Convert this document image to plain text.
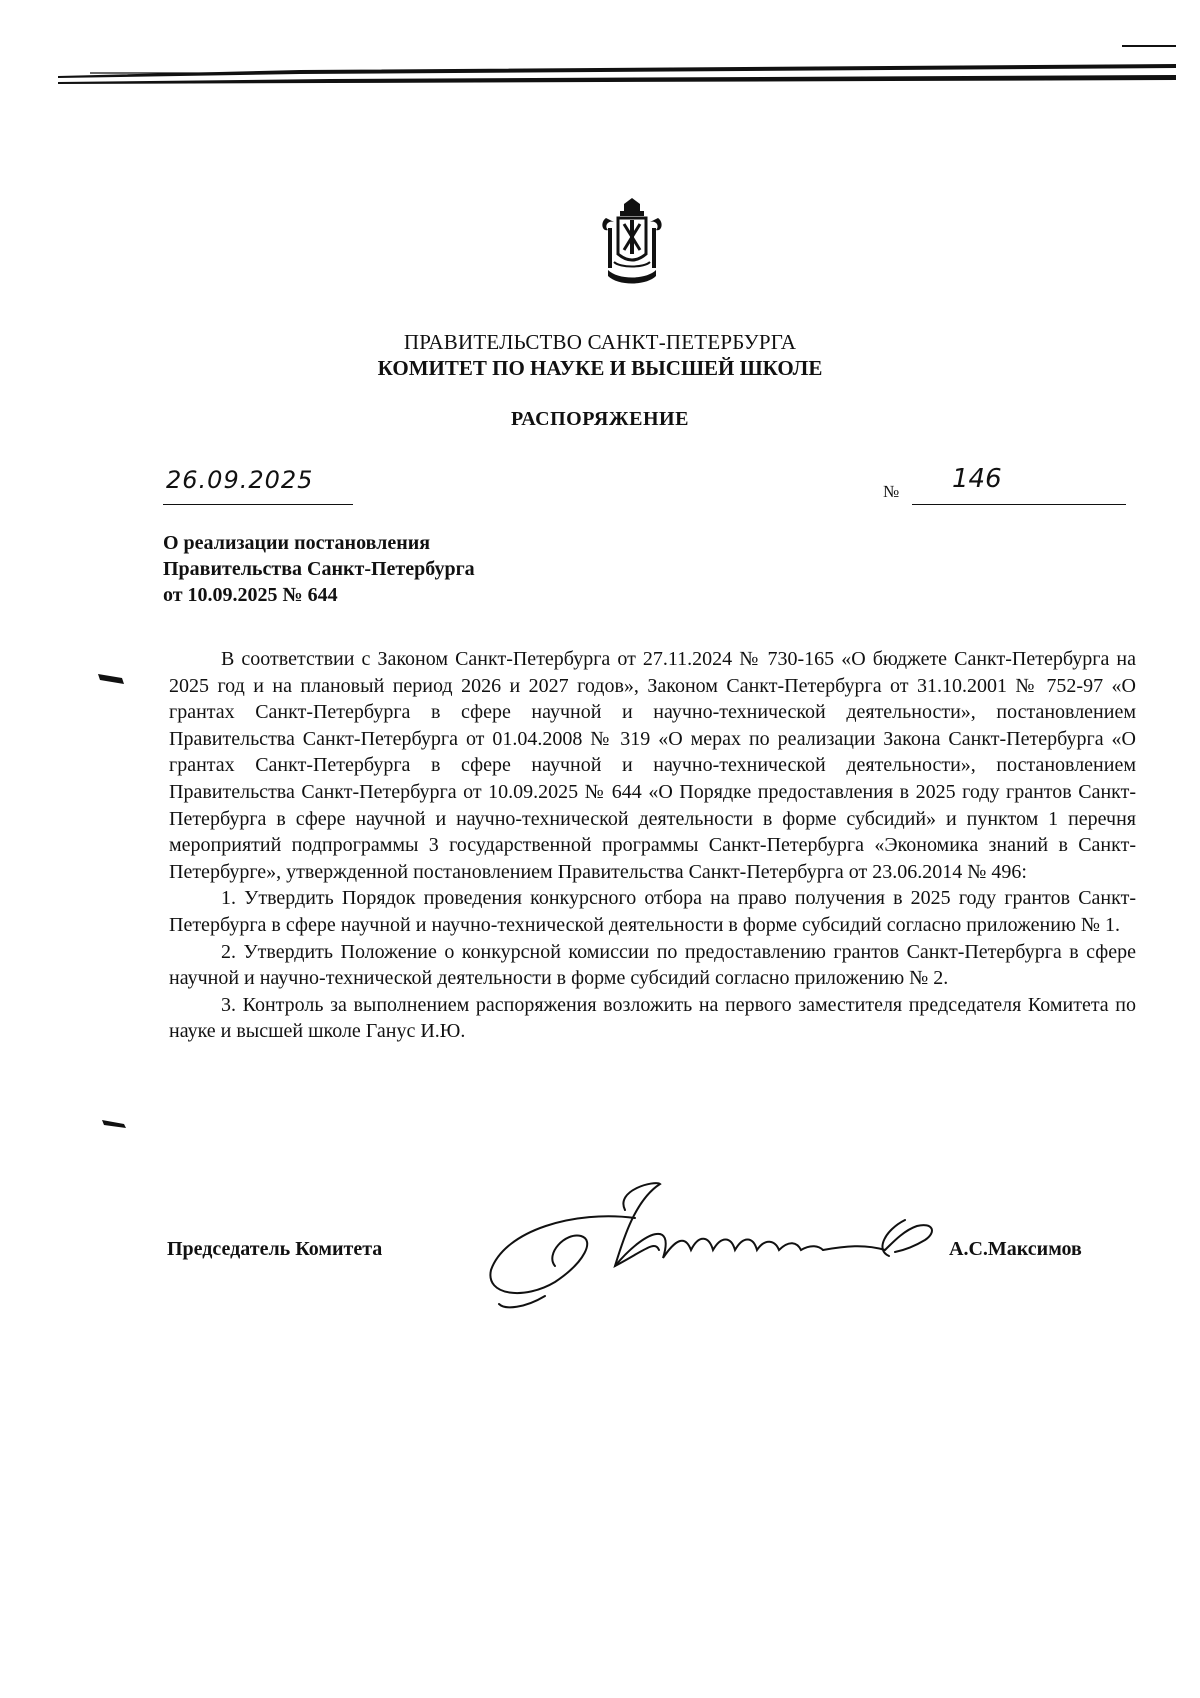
ПРАВИТЕЛЬСТВО САНКТ-ПЕТЕРБУРГА
КОМИТЕТ ПО НАУКЕ И ВЫСШЕЙ ШКОЛЕ
РАСПОРЯЖЕНИЕ
26.09.2025	№ 146
О реализации постановления
Правительства Санкт-Петербурга
от 10.09.2025 № 644

В соответствии с Законом Санкт-Петербурга от 27.11.2024 № 730-165 «О бюджете Санкт-Петербурга на 2025 год и на плановый период 2026 и 2027 годов», Законом Санкт-Петербурга от 31.10.2001 № 752-97 «О грантах Санкт-Петербурга в сфере научной и научно-технической деятельности», постановлением Правительства Санкт-Петербурга от 01.04.2008 № 319 «О мерах по реализации Закона Санкт-Петербурга «О грантах Санкт-Петербурга в сфере научной и научно-технической деятельности», постановлением Правительства Санкт-Петербурга от 10.09.2025 № 644 «О Порядке предоставления в 2025 году грантов Санкт-Петербурга в сфере научной и научно-технической деятельности в форме субсидий» и пунктом 1 перечня мероприятий подпрограммы 3 государственной программы Санкт-Петербурга «Экономика знаний в Санкт-Петербурге», утвержденной постановлением Правительства Санкт-Петербурга от 23.06.2014 № 496:

1. Утвердить Порядок проведения конкурсного отбора на право получения в 2025 году грантов Санкт-Петербурга в сфере научной и научно-технической деятельности в форме субсидий согласно приложению № 1.

2. Утвердить Положение о конкурсной комиссии по предоставлению грантов Санкт-Петербурга в сфере научной и научно-технической деятельности в форме субсидий согласно приложению № 2.

3. Контроль за выполнением распоряжения возложить на первого заместителя председателя Комитета по науке и высшей школе Ганус И.Ю.

Председатель Комитета	А.С.Максимов
